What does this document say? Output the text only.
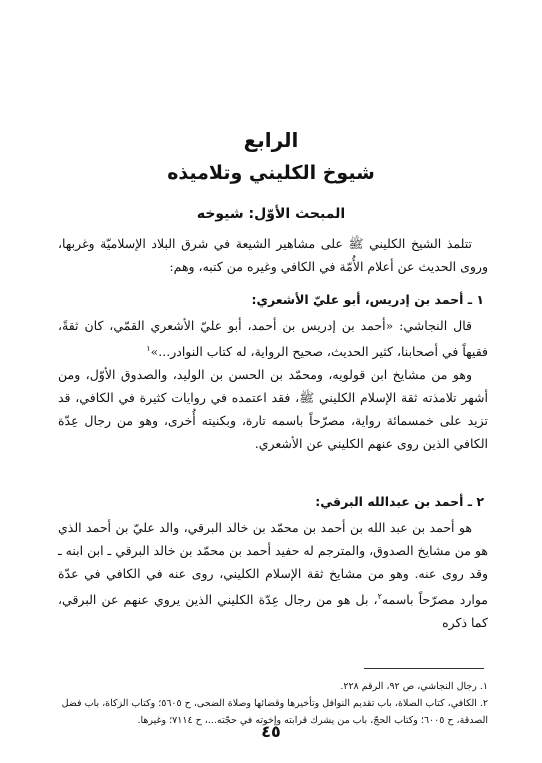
الرابع
شيوخ الكليني وتلاميذه
المبحث الأوّل: شيوخه

تتلمذ الشيخ الكليني ﷺ على مشاهير الشيعة في شرق البلاد الإسلاميّة وغربها، وروى الحديث عن أعلام الأُمّة في الكافي وغيره من كتبه، وهم:

١ ـ أحمد بن إدريس، أبو عليّ الأشعري:

قال النجاشي: «أحمد بن إدريس بن أحمد، أبو عليّ الأشعري القمّي، كان ثقةً، فقيهاً في أصحابنا، كثير الحديث، صحيح الرواية، له كتاب النوادر...»$^١$

وهو من مشايخ ابن قولويه، ومحمّد بن الحسن بن الوليد، والصدوق الأوّل، ومن أشهر تلامذته ثقة الإسلام الكليني ﷺ، فقد اعتمده في روايات كثيرة في الكافي، قد تزيد على خمسمائة رواية، مصرّحاً باسمه تارة، وبكنيته أُخرى، وهو من رجال عِدّة الكافي الذين روى عنهم الكليني عن الأشعري.

٢ ـ أحمد بن عبدالله البرقي:

هو أحمد بن عبد الله بن أحمد بن محمّد بن خالد البرقي، والد عليّ بن أحمد الذي هو من مشايخ الصدوق، والمترجم له حفيد أحمد بن محمّد بن خالد البرقي ـ ابن ابنه ـ وقد روى عنه. وهو من مشايخ ثقة الإسلام الكليني، روى عنه في الكافي في عدّة موارد مصرّحاً باسمه$^٢$، بل هو من رجال عِدّة الكليني الذين يروي عنهم عن البرقي، كما ذكره

١. رجال النجاشي، ص ٩٢، الرقم ٢٢٨.

٢. الكافي، كتاب الصلاة، باب تقديم النوافل وتأخيرها وقضائها وصلاة الضحى، ح ٥٦٠٥؛ وكتاب الزكاة، باب فضل الصدقة، ح ٦٠٠٥؛ وكتاب الحجّ، باب من يشرك قرابته وإخوته في حجّته...، ح ٧١١٤؛ وغيرها.

٤٥
